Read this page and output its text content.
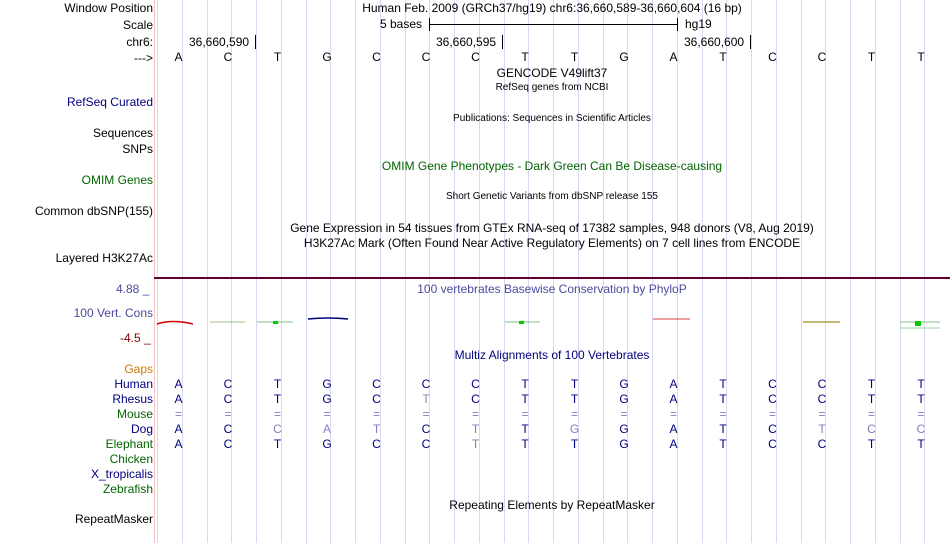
Window Position
Scale
chr6:
--->
Human Feb. 2009 (GRCh37/hg19) chr6:36,660,589-36,660,604 (16 bp)
5 bases	hg19
36,660,590	36,660,595	36,660,600
A	C	T	G	C	C	C	T	T	G	A	T	C	C	T	T
GENCODE V49lift37
RefSeq genes from NCBI
RefSeq Curated
Publications: Sequences in Scientific Articles
Sequences
SNPs
OMIM Gene Phenotypes - Dark Green Can Be Disease-causing
OMIM Genes
Short Genetic Variants from dbSNP release 155
Common dbSNP(155)
Gene Expression in 54 tissues from GTEx RNA-seq of 17382 samples, 948 donors (V8, Aug 2019)
H3K27Ac Mark (Often Found Near Active Regulatory Elements) on 7 cell lines from ENCODE
Layered H3K27Ac
4.88 _	100 vertebrates Basewise Conservation by PhyloP
100 Vert. Cons
-4.5 _
Multiz Alignments of 100 Vertebrates
Gaps
Human A	C	T	G	C	C	C	T	T	G	A	T	C	C	T	T
Rhesus A	C	T	G	C	T	C	T	T	G	A	T	C	C	T	T
Mouse =	=	=	=	=	=	=	=	=	=	=	=	=	=	=	=
Dog A	C	C	A	T	C	T	T	G	G	A	T	C	T	C	C
Elephant A	C	T	G	C	C	T	T	T	G	A	T	C	C	T	T
Chicken
X_tropicalis
Zebrafish
Repeating Elements by RepeatMasker
RepeatMasker
